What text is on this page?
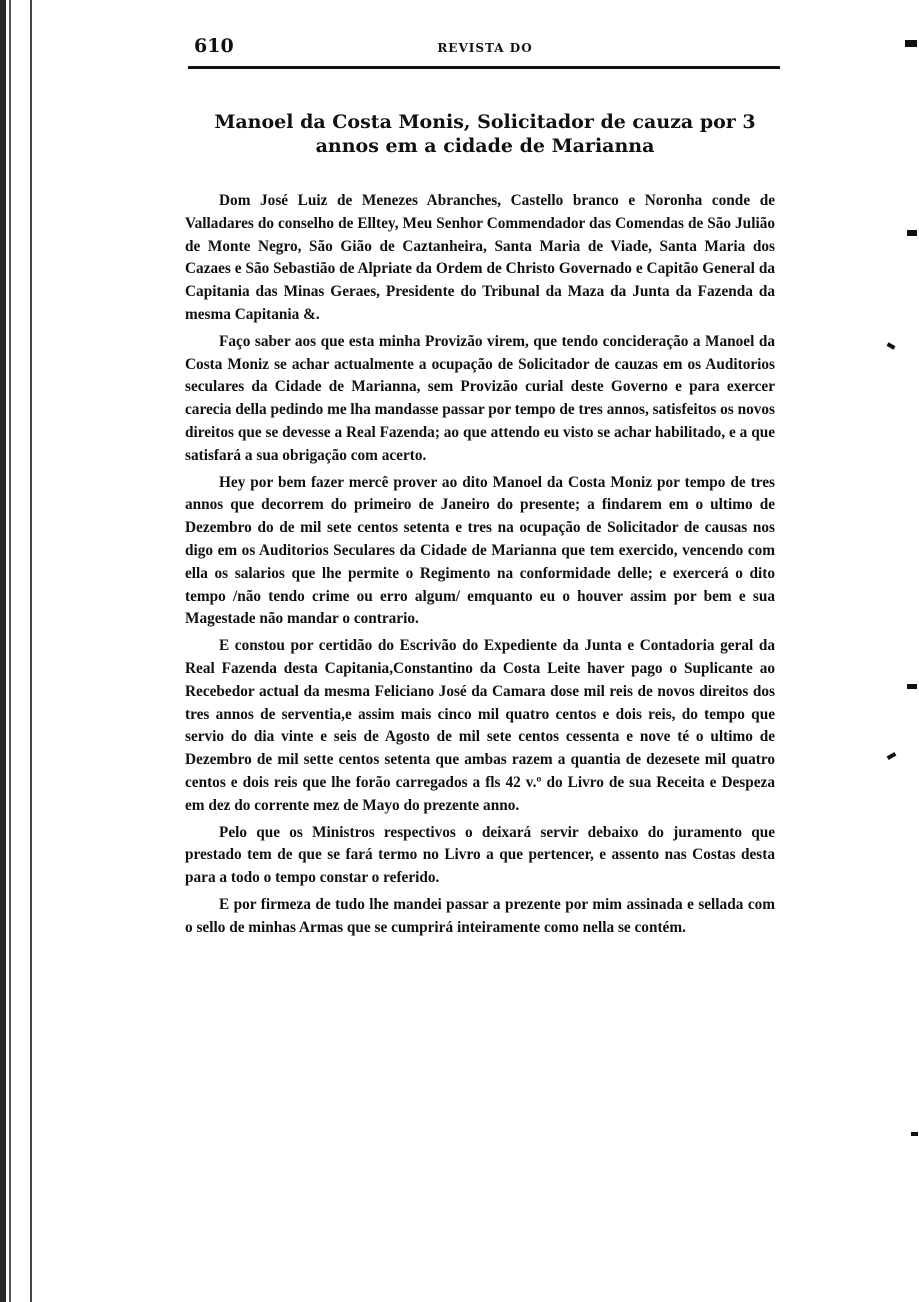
610	REVISTA DO
Manoel da Costa Monis, Solicitador de cauza por 3 annos em a cidade de Marianna

Dom José Luiz de Menezes Abranches, Castello branco e Noronha conde de Valladares do conselho de Elltey, Meu Senhor Commendador das Comendas de São Julião de Monte Negro, São Gião de Caztanheira, Santa Maria de Viade, Santa Maria dos Cazaes e São Sebastião de Alpriate da Ordem de Christo Governado e Capitão General da Capitania das Minas Geraes, Presidente do Tribunal da Maza da Junta da Fazenda da mesma Capitania &.

Faço saber aos que esta minha Provizão virem, que tendo concideração a Manoel da Costa Moniz se achar actualmente a ocupação de Solicitador de cauzas em os Auditorios seculares da Cidade de Marianna, sem Provizão curial deste Governo e para exercer carecia della pedindo me lha mandasse passar por tempo de tres annos, satisfeitos os novos direitos que se devesse a Real Fazenda; ao que attendo eu visto se achar habilitado, e a que satisfará a sua obrigação com acerto.

Hey por bem fazer mercê prover ao dito Manoel da Costa Moniz por tempo de tres annos que decorrem do primeiro de Janeiro do presente; a findarem em o ultimo de Dezembro do de mil sete centos setenta e tres na ocupação de Solicitador de causas nos digo em os Auditorios Seculares da Cidade de Marianna que tem exercido, vencendo com ella os salarios que lhe permite o Regimento na conformidade delle; e exercerá o dito tempo /não tendo crime ou erro algum/ emquanto eu o houver assim por bem e sua Magestade não mandar o contrario.

E constou por certidão do Escrivão do Expediente da Junta e Contadoria geral da Real Fazenda desta Capitania,Constantino da Costa Leite haver pago o Suplicante ao Recebedor actual da mesma Feliciano José da Camara dose mil reis de novos direitos dos tres annos de serventia,e assim mais cinco mil quatro centos e dois reis, do tempo que servio do dia vinte e seis de Agosto de mil sete centos cessenta e nove té o ultimo de Dezembro de mil sette centos setenta que ambas razem a quantia de dezesete mil quatro centos e dois reis que lhe forão carregados a fls 42 v.º do Livro de sua Receita e Despeza em dez do corrente mez de Mayo do prezente anno.

Pelo que os Ministros respectivos o deixará servir debaixo do juramento que prestado tem de que se fará termo no Livro a que pertencer, e assento nas Costas desta para a todo o tempo constar o referido.

E por firmeza de tudo lhe mandei passar a prezente por mim assinada e sellada com o sello de minhas Armas que se cumprirá inteiramente como nella se contém.
